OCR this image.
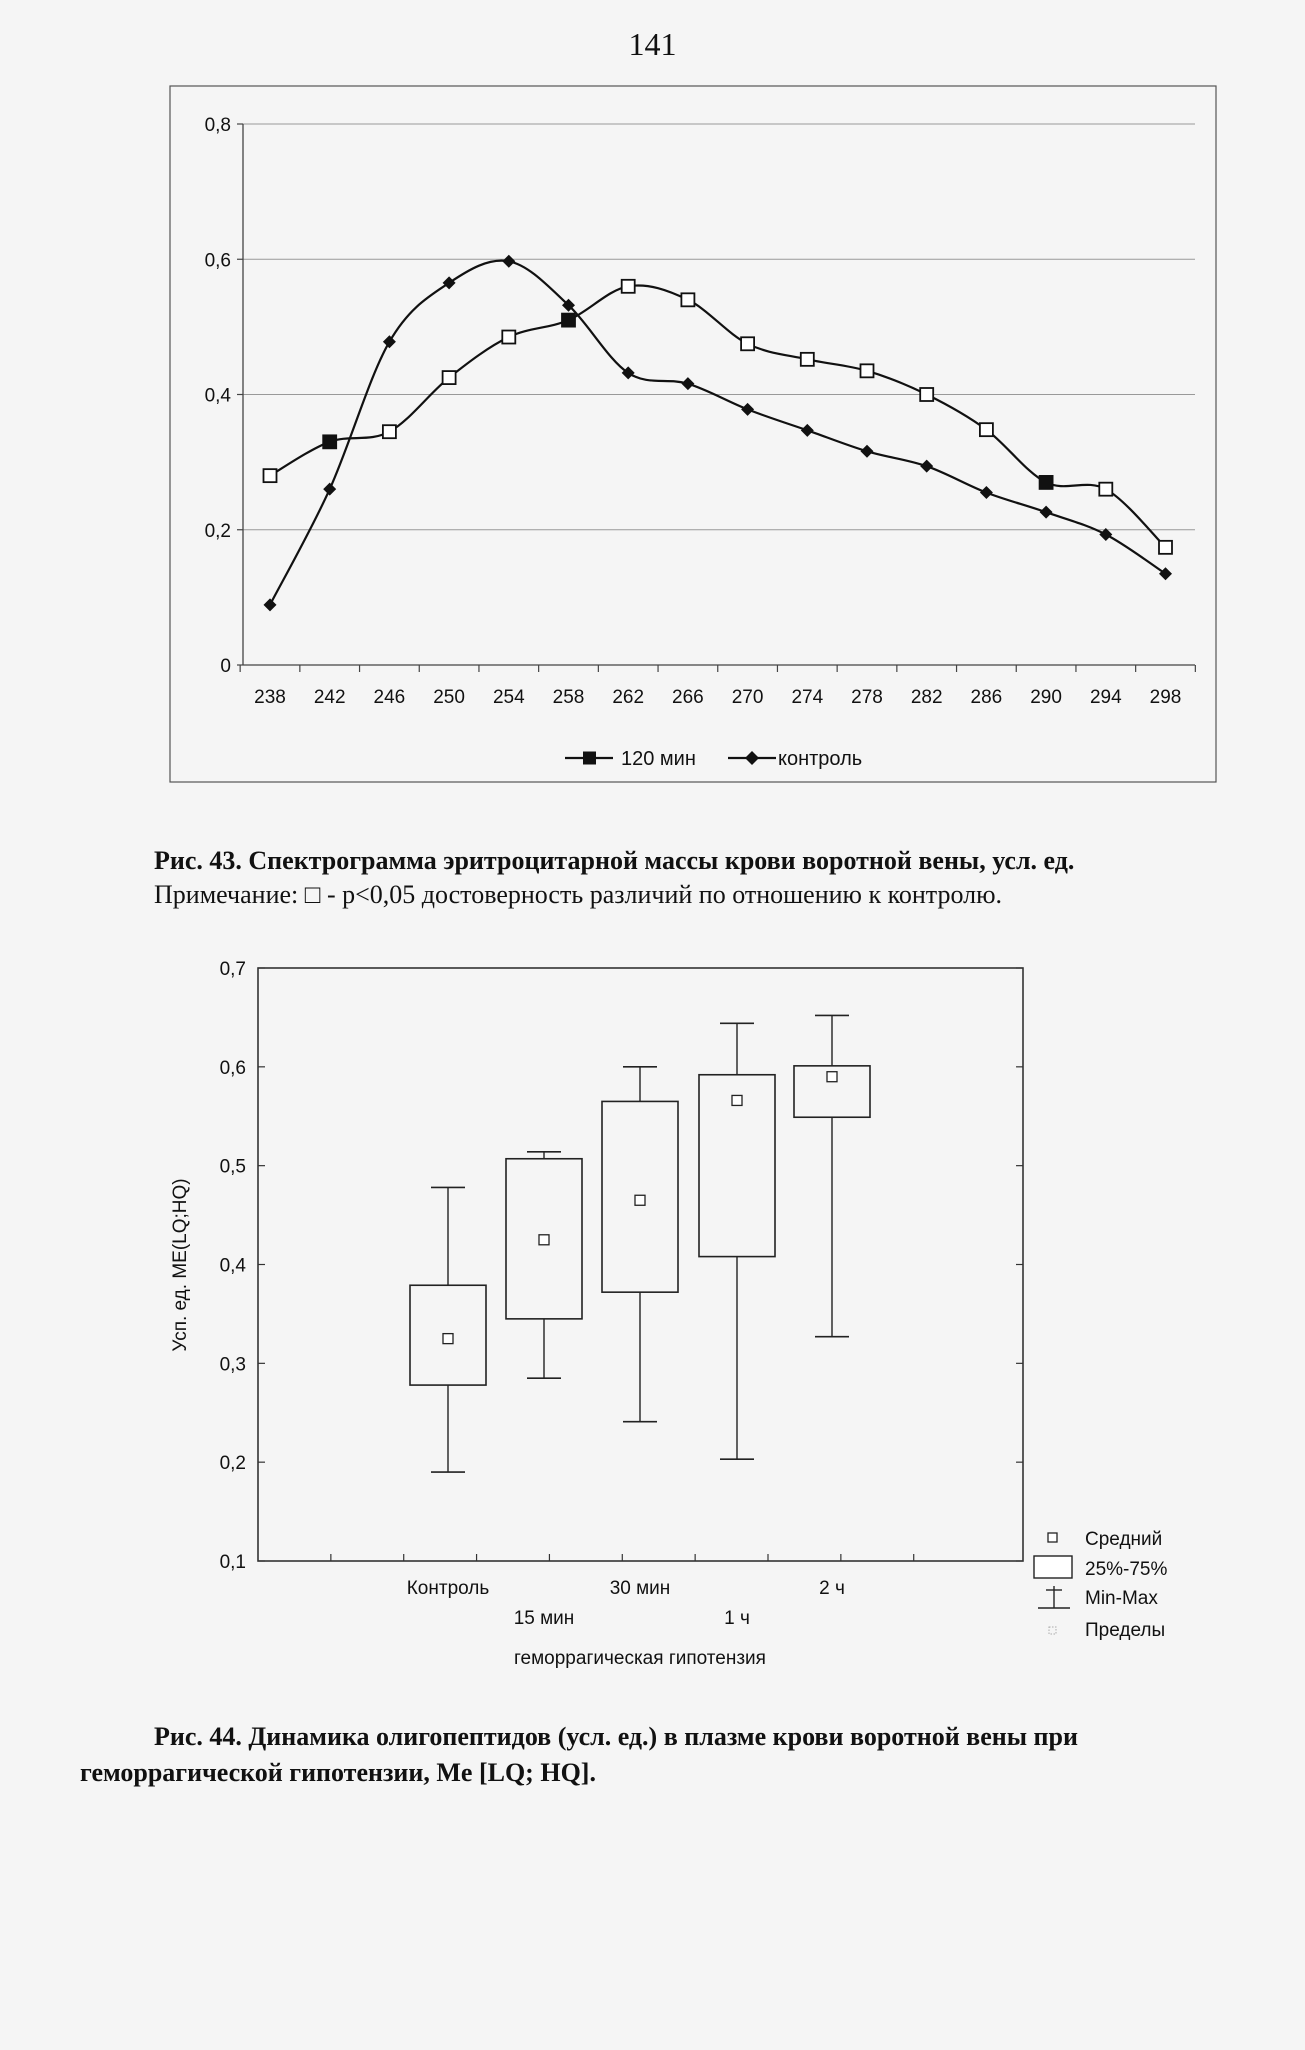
141
0
0,2
0,4
0,6
0,8
238 242 246 250 254 258 262 266 270 274 278 282 286 290 294 298
120 мин	контроль
Рис. 43. Спектрограмма эритроцитарной массы крови воротной вены, усл. ед.
Примечание: □ - р<0,05 достоверность различий по отношению к контролю.
0,1
0,2
0,3
0,4
0,5
0,6
0,7
Усп. ед. ME(LQ;HQ)
Контроль
15 мин
30 мин
1 ч
2 ч
геморрагическая гипотензия
Средний
25%-75%
Min-Max
Пределы
Рис. 44. Динамика олигопептидов (усл. ед.) в плазме крови воротной вены при
геморрагической гипотензии, Me [LQ; HQ].
